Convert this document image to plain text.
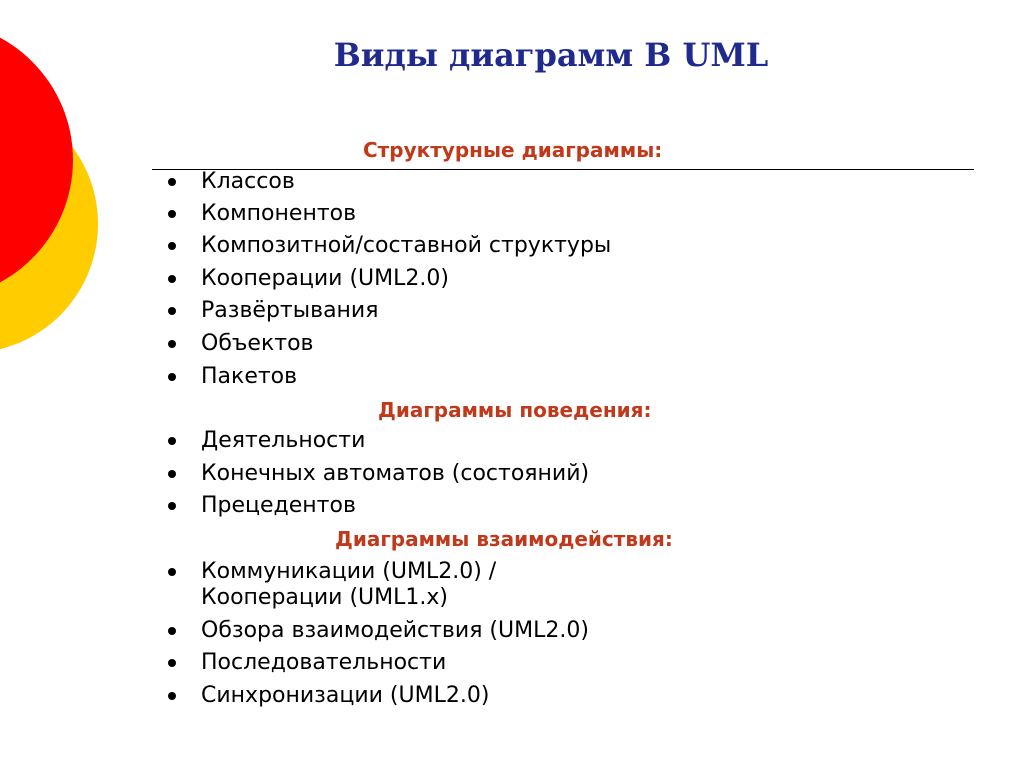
Виды диаграмм В UML
Структурные диаграммы:
Классов
Компонентов
Композитной/составной структуры
Кооперации (UML2.0)
Развёртывания
Объектов
Пакетов
Диаграммы поведения:
Деятельности
Конечных автоматов (состояний)
Прецедентов
Диаграммы взаимодействия:
Коммуникации (UML2.0) /
Кооперации (UML1.x)
Обзора взаимодействия (UML2.0)
Последовательности
Синхронизации (UML2.0)
